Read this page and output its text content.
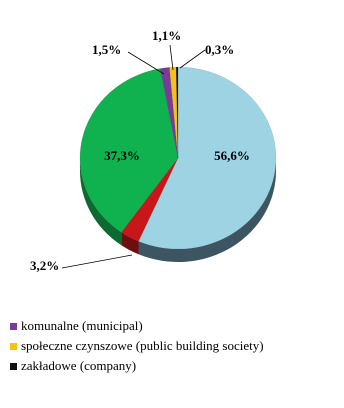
56,6%
3,2%
37,3%
1,5%
1,1%
0,3%
komunalne (municipal)
społeczne czynszowe (public building society)
zakładowe (company)
